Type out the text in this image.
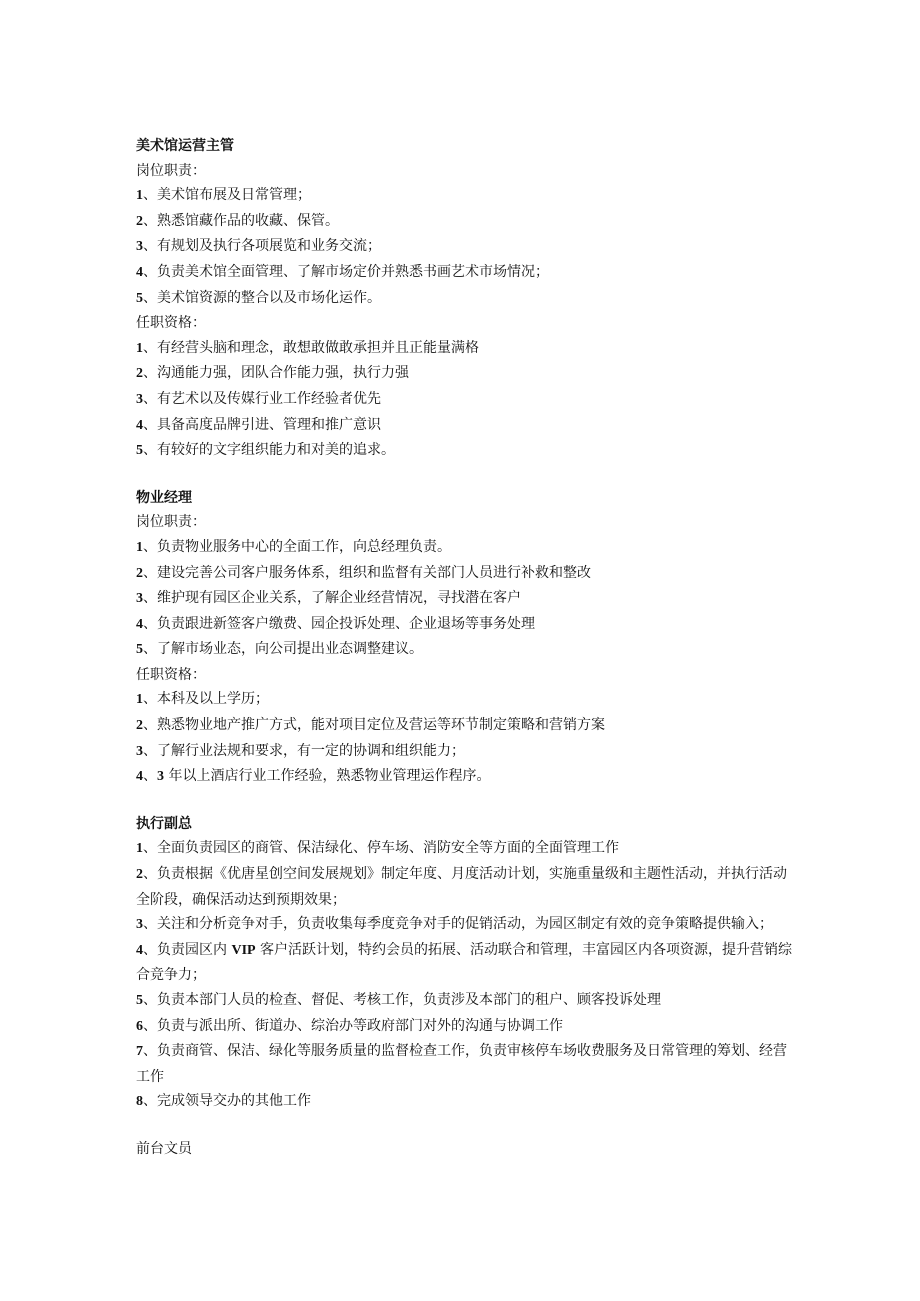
美术馆运营主管
岗位职责：
1、美术馆布展及日常管理；
2、熟悉馆藏作品的收藏、保管。
3、有规划及执行各项展览和业务交流；
4、负责美术馆全面管理、了解市场定价并熟悉书画艺术市场情况；
5、美术馆资源的整合以及市场化运作。
任职资格：
1、有经营头脑和理念，敢想敢做敢承担并且正能量满格
2、沟通能力强，团队合作能力强，执行力强
3、有艺术以及传媒行业工作经验者优先
4、具备高度品牌引进、管理和推广意识
5、有较好的文字组织能力和对美的追求。
物业经理
岗位职责：
1、负责物业服务中心的全面工作，向总经理负责。
2、建设完善公司客户服务体系，组织和监督有关部门人员进行补救和整改
3、维护现有园区企业关系，了解企业经营情况，寻找潜在客户
4、负责跟进新签客户缴费、园企投诉处理、企业退场等事务处理
5、了解市场业态，向公司提出业态调整建议。
任职资格：
1、本科及以上学历；
2、熟悉物业地产推广方式，能对项目定位及营运等环节制定策略和营销方案
3、了解行业法规和要求，有一定的协调和组织能力；
4、3 年以上酒店行业工作经验，熟悉物业管理运作程序。
执行副总
1、全面负责园区的商管、保洁绿化、停车场、消防安全等方面的全面管理工作
2、负责根据《优唐星创空间发展规划》制定年度、月度活动计划，实施重量级和主题性活动，并执行活动全阶段，确保活动达到预期效果；
3、关注和分析竞争对手，负责收集每季度竞争对手的促销活动，为园区制定有效的竞争策略提供输入；
4、负责园区内 VIP 客户活跃计划，特约会员的拓展、活动联合和管理，丰富园区内各项资源，提升营销综合竞争力；
5、负责本部门人员的检查、督促、考核工作，负责涉及本部门的租户、顾客投诉处理
6、负责与派出所、街道办、综治办等政府部门对外的沟通与协调工作
7、负责商管、保洁、绿化等服务质量的监督检查工作，负责审核停车场收费服务及日常管理的筹划、经营工作
8、完成领导交办的其他工作
前台文员
